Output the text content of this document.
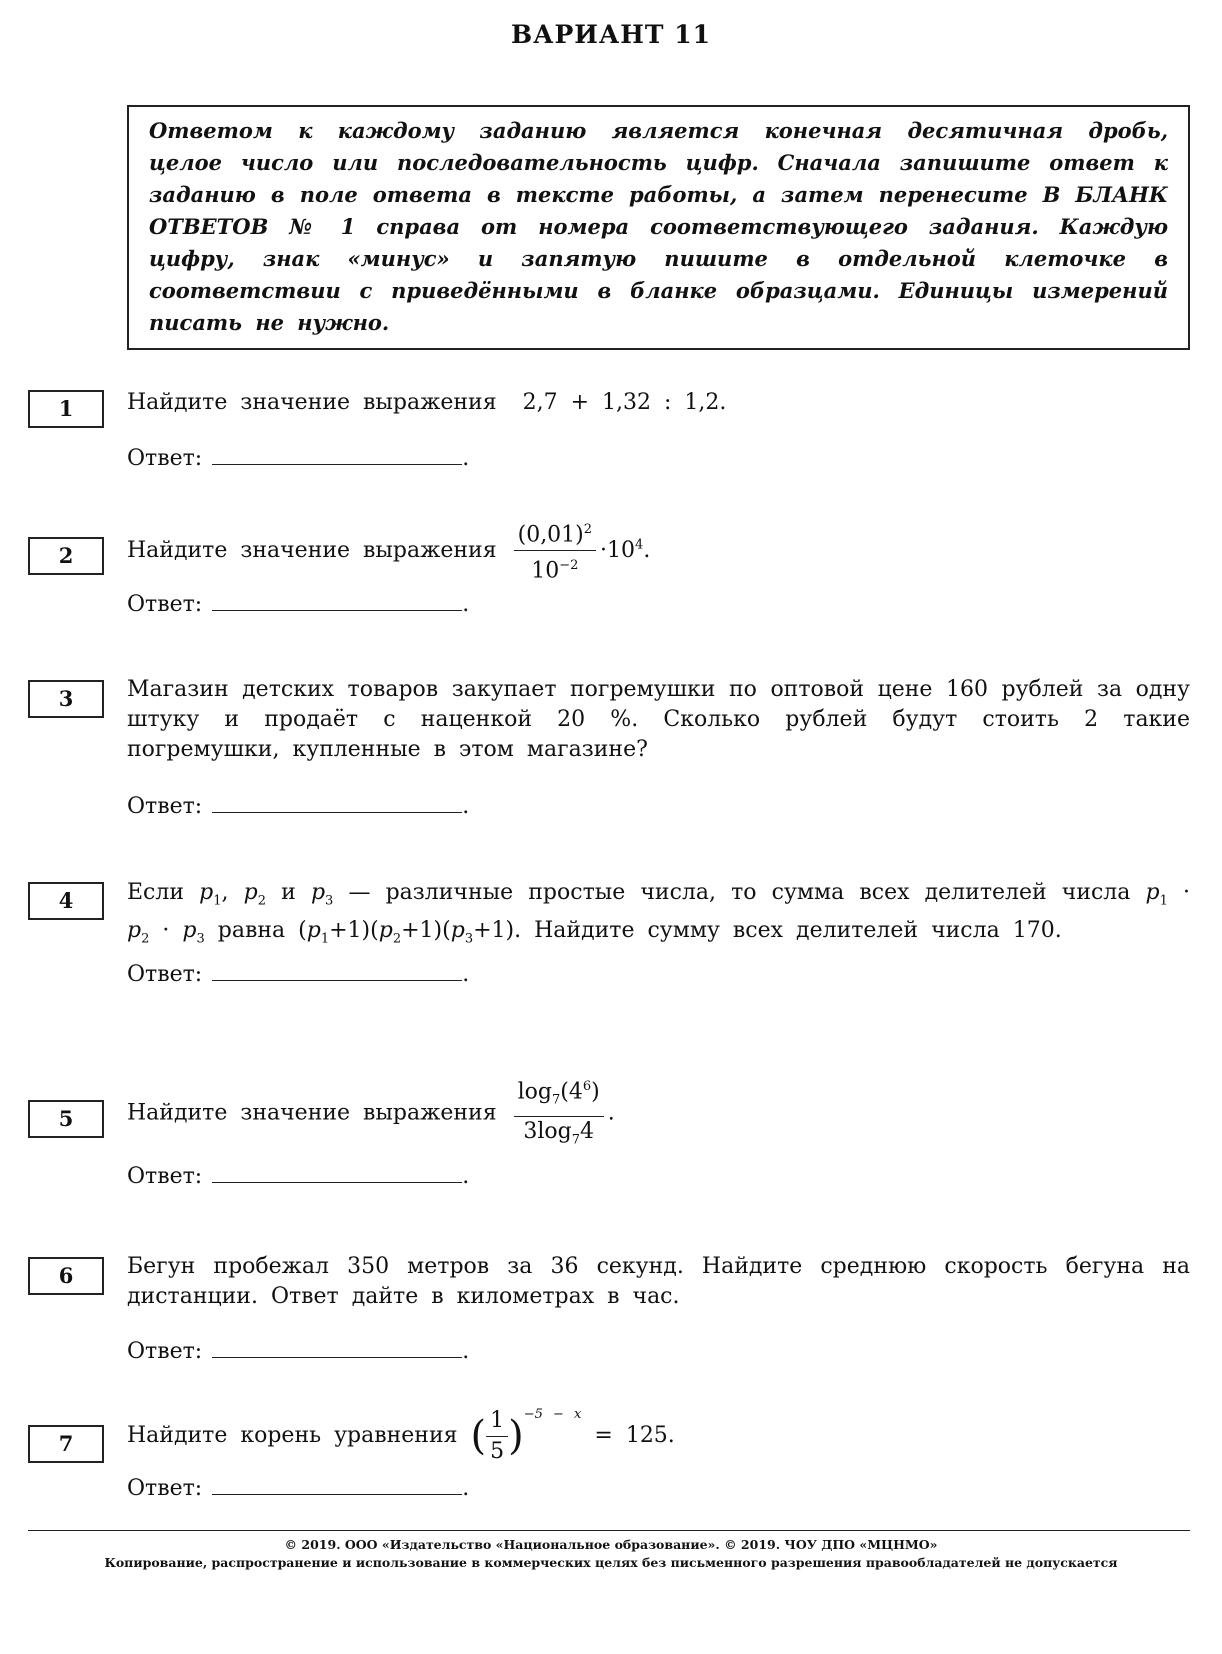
ВАРИАНТ 11
Ответом к каждому заданию является конечная десятичная дробь, целое число или последовательность цифр. Сначала запишите ответ к заданию в поле ответа в тексте работы, а затем перенесите В БЛАНК ОТВЕТОВ № 1 справа от номера соответствующего задания. Каждую цифру, знак «минус» и запятую пишите в отдельной клеточке в соответствии с приведёнными в бланке образцами. Единицы измерений писать не нужно.
1	Найдите значение выражения 2,7 + 1,32 : 1,2.
Ответ:	.
2	Найдите значение выражения $\frac{(0,01)^2}{10^{-2}} \cdot 10^4$.
Ответ:	.
3	Магазин детских товаров закупает погремушки по оптовой цене 160 рублей за одну штуку и продаёт с наценкой 20 %. Сколько рублей будут стоить 2 такие погремушки, купленные в этом магазине?
Ответ:	.
4	Если $p_1$, $p_2$ и $p_3$ — различные простые числа, то сумма всех делителей числа $p_1 \cdot p_2 \cdot p_3$ равна $(p_1+1)(p_2+1)(p_3+1)$. Найдите сумму всех делителей числа 170.
Ответ:	.
5	Найдите значение выражения $\frac{\log_7(4^6)}{3\log_74}$ .
Ответ:	.
6	Бегун пробежал 350 метров за 36 секунд. Найдите среднюю скорость бегуна на дистанции. Ответ дайте в километрах в час.
Ответ:	.
7	Найдите корень уравнения ( $\frac{1}{5} )^{-5 - x} = 125$.
Ответ:	.
© 2019. ООО «Издательство «Национальное образование». © 2019. ЧОУ ДПО «МЦНМО»
Копирование, распространение и использование в коммерческих целях без письменного разрешения правообладателей не допускается
